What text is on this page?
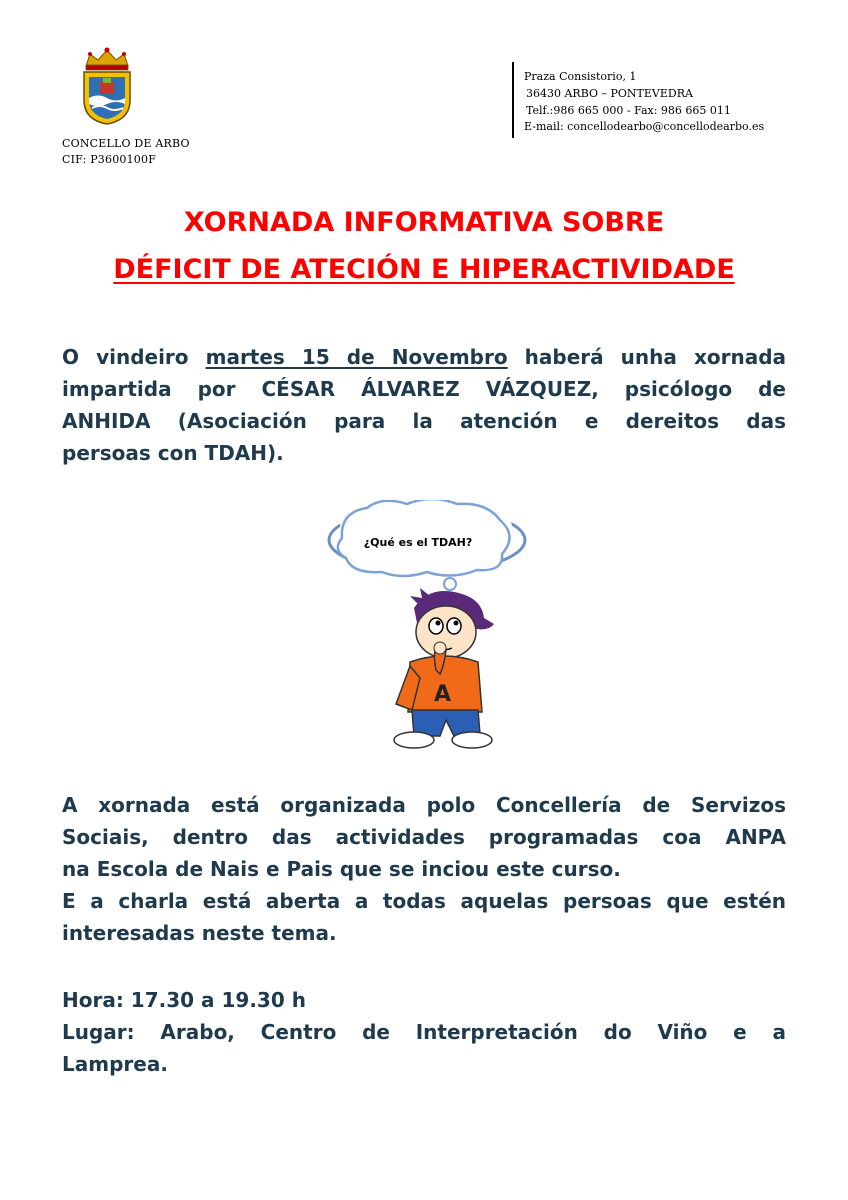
CONCELLO DE ARBO
CIF: P3600100F
Praza Consistorio, 1
36430 ARBO – PONTEVEDRA
Telf.:986 665 000 - Fax: 986 665 011
E-mail: concellodearbo@concellodearbo.es
XORNADA INFORMATIVA SOBRE
DÉFICIT DE ATECIÓN E HIPERACTIVIDADE
O vindeiro martes 15 de Novembro haberá unha xornada
impartida por CÉSAR ÁLVAREZ VÁZQUEZ, psicólogo de
ANHIDA (Asociación para la atención e dereitos das
persoas con TDAH).
¿Qué es el TDAH?
A
A xornada está organizada polo Concellería de Servizos
Sociais, dentro das actividades programadas coa ANPA
na Escola de Nais e Pais que se inciou este curso.
E a charla está aberta a todas aquelas persoas que estén
interesadas neste tema.
Hora: 17.30 a 19.30 h
Lugar: Arabo, Centro de Interpretación do Viño e a
Lamprea.
